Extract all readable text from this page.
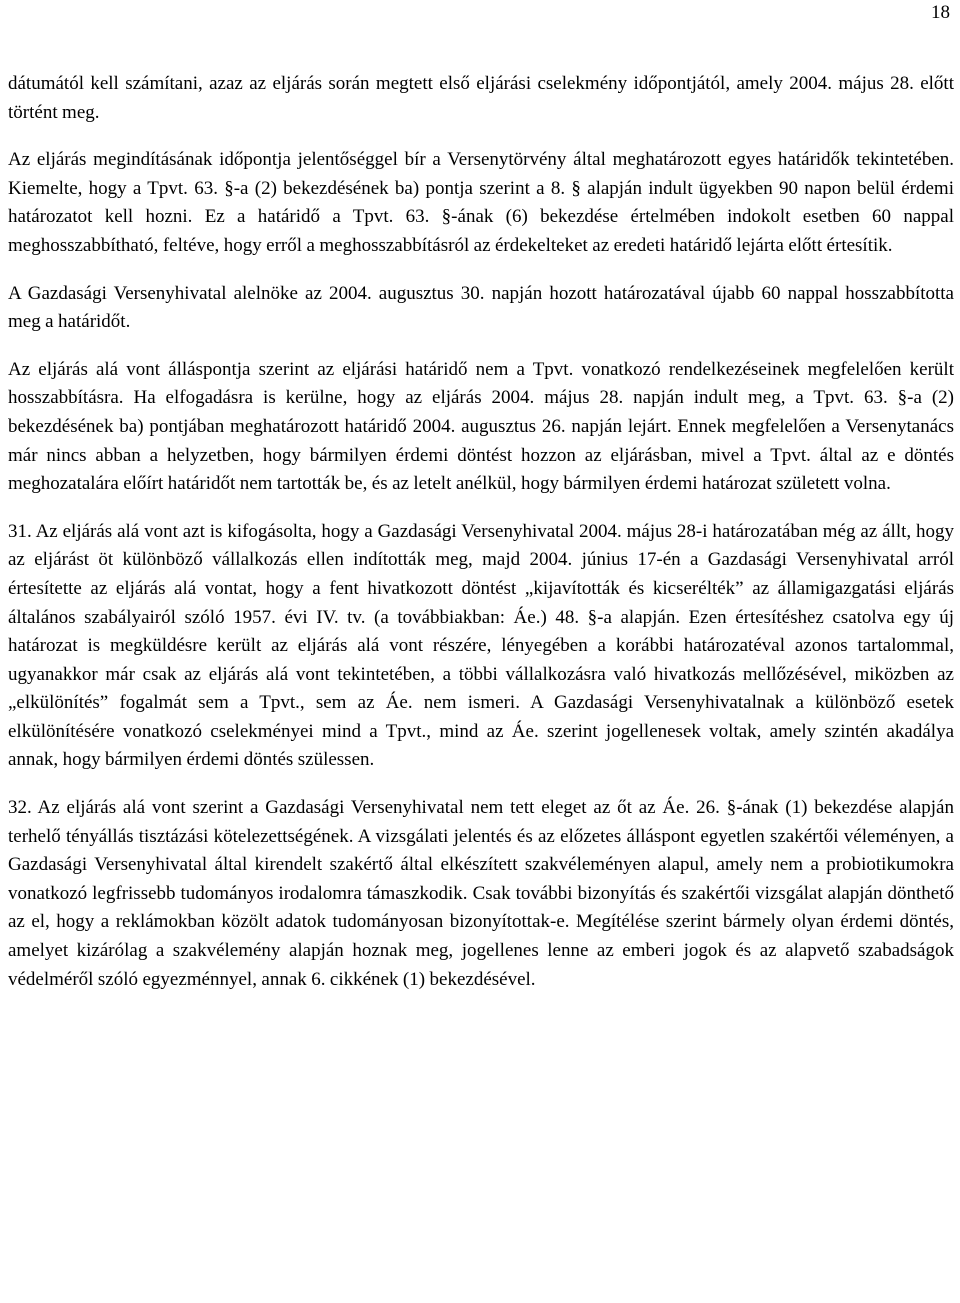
18

dátumától kell számítani, azaz az eljárás során megtett első eljárási cselekmény időpontjától, amely 2004. május 28. előtt történt meg.

Az eljárás megindításának időpontja jelentőséggel bír a Versenytörvény által meghatározott egyes határidők tekintetében. Kiemelte, hogy a Tpvt. 63. §-a (2) bekezdésének ba) pontja szerint a 8. § alapján indult ügyekben 90 napon belül érdemi határozatot kell hozni. Ez a határidő a Tpvt. 63. §-ának (6) bekezdése értelmében indokolt esetben 60 nappal meghosszabbítható, feltéve, hogy erről a meghosszabbításról az érdekelteket az eredeti határidő lejárta előtt értesítik.

A Gazdasági Versenyhivatal alelnöke az 2004. augusztus 30. napján hozott határozatával újabb 60 nappal hosszabbította meg a határidőt.

Az eljárás alá vont álláspontja szerint az eljárási határidő nem a Tpvt. vonatkozó rendelkezéseinek megfelelően került hosszabbításra. Ha elfogadásra is kerülne, hogy az eljárás 2004. május 28. napján indult meg, a Tpvt. 63. §-a (2) bekezdésének ba) pontjában meghatározott határidő 2004. augusztus 26. napján lejárt. Ennek megfelelően a Versenytanács már nincs abban a helyzetben, hogy bármilyen érdemi döntést hozzon az eljárásban, mivel a Tpvt. által az e döntés meghozatalára előírt határidőt nem tartották be, és az letelt anélkül, hogy bármilyen érdemi határozat született volna.

31. Az eljárás alá vont azt is kifogásolta, hogy a Gazdasági Versenyhivatal 2004. május 28-i határozatában még az állt, hogy az eljárást öt különböző vállalkozás ellen indították meg, majd 2004. június 17-én a Gazdasági Versenyhivatal arról értesítette az eljárás alá vontat, hogy a fent hivatkozott döntést „kijavították és kicserélték” az államigazgatási eljárás általános szabályairól szóló 1957. évi IV. tv. (a továbbiakban: Áe.) 48. §-a alapján. Ezen értesítéshez csatolva egy új határozat is megküldésre került az eljárás alá vont részére, lényegében a korábbi határozatéval azonos tartalommal, ugyanakkor már csak az eljárás alá vont tekintetében, a többi vállalkozásra való hivatkozás mellőzésével, miközben az „elkülönítés” fogalmát sem a Tpvt., sem az Áe. nem ismeri. A Gazdasági Versenyhivatalnak a különböző esetek elkülönítésére vonatkozó cselekményei mind a Tpvt., mind az Áe. szerint jogellenesek voltak, amely szintén akadálya annak, hogy bármilyen érdemi döntés szülessen.

32. Az eljárás alá vont szerint a Gazdasági Versenyhivatal nem tett eleget az őt az Áe. 26. §-ának (1) bekezdése alapján terhelő tényállás tisztázási kötelezettségének. A vizsgálati jelentés és az előzetes álláspont egyetlen szakértői véleményen, a Gazdasági Versenyhivatal által kirendelt szakértő által elkészített szakvéleményen alapul, amely nem a probiotikumokra vonatkozó legfrissebb tudományos irodalomra támaszkodik. Csak további bizonyítás és szakértői vizsgálat alapján dönthető az el, hogy a reklámokban közölt adatok tudományosan bizonyítottak-e. Megítélése szerint bármely olyan érdemi döntés, amelyet kizárólag a szakvélemény alapján hoznak meg, jogellenes lenne az emberi jogok és az alapvető szabadságok védelméről szóló egyezménnyel, annak 6. cikkének (1) bekezdésével.
